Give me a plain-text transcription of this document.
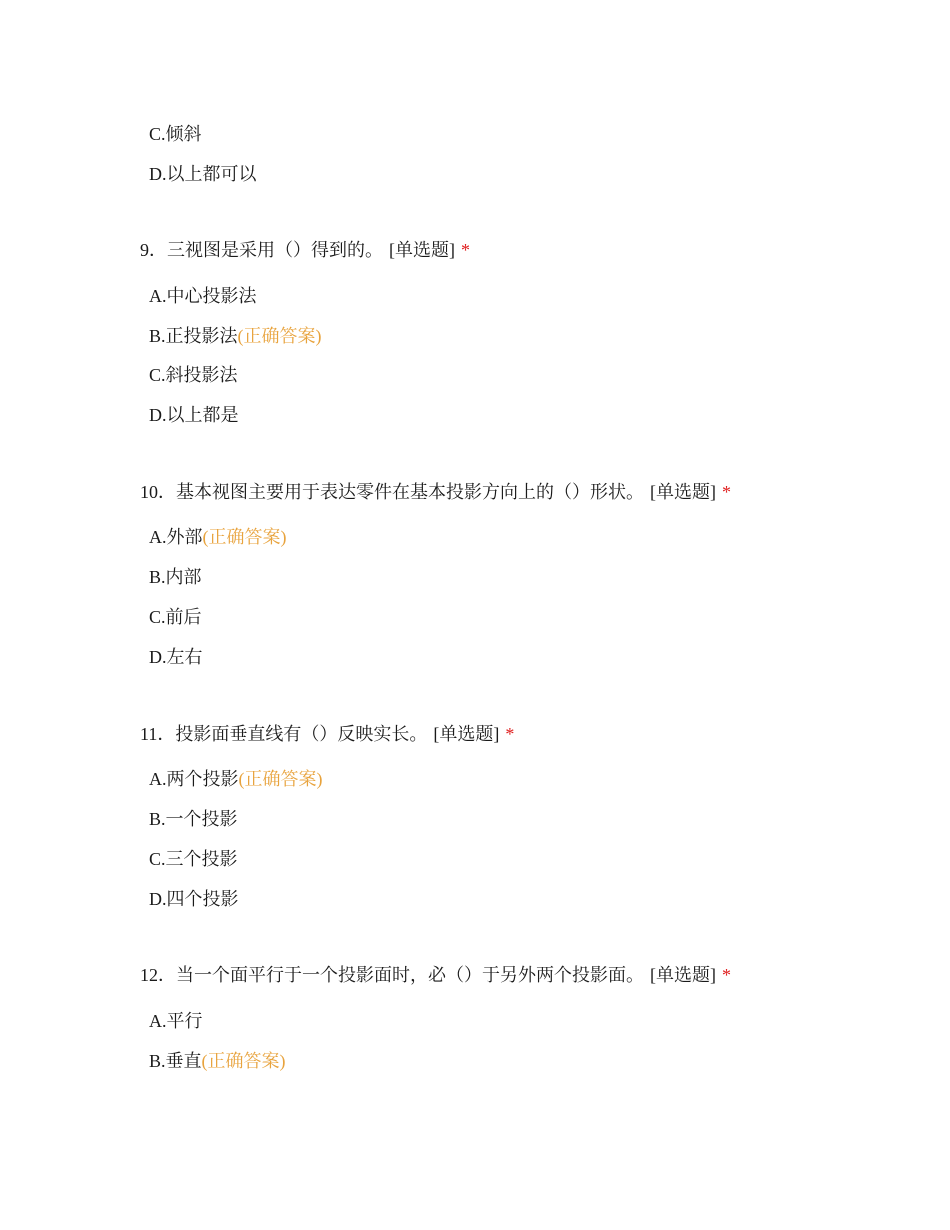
C.倾斜
D.以上都可以
9．三视图是采用（）得到的。 [单选题] *
A.中心投影法
B.正投影法(正确答案)
C.斜投影法
D.以上都是
10．基本视图主要用于表达零件在基本投影方向上的（）形状。 [单选题] *
A.外部(正确答案)
B.内部
C.前后
D.左右
11．投影面垂直线有（）反映实长。 [单选题] *
A.两个投影(正确答案)
B.一个投影
C.三个投影
D.四个投影
12．当一个面平行于一个投影面时，必（）于另外两个投影面。 [单选题] *
A.平行
B.垂直(正确答案)
